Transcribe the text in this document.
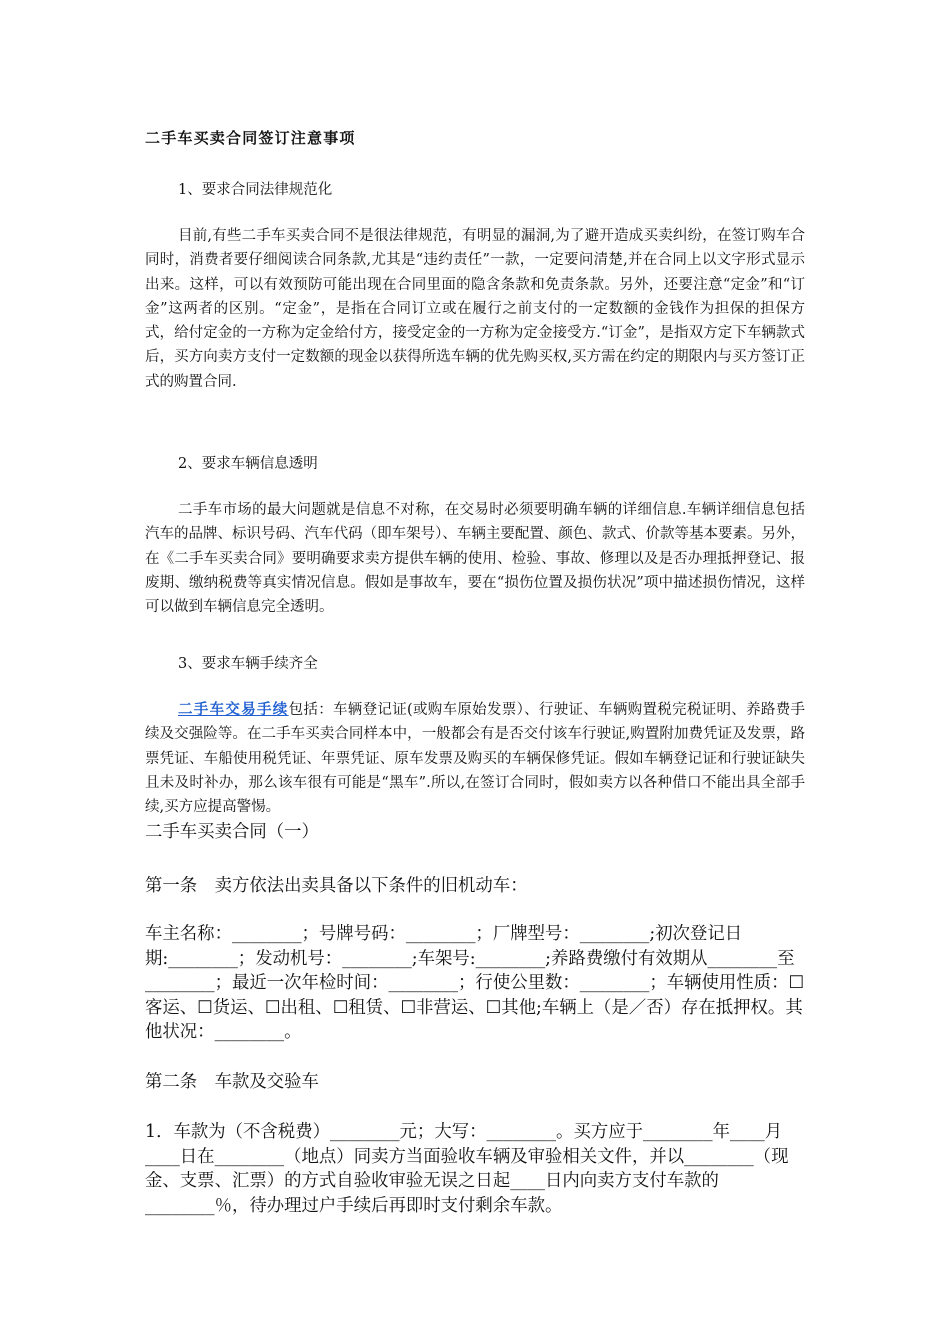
二手车买卖合同签订注意事项
1、要求合同法律规范化
目前,有些二手车买卖合同不是很法律规范，有明显的漏洞,为了避开造成买卖纠纷，在签订购车合同时，消费者要仔细阅读合同条款,尤其是“违约责任”一款，一定要问清楚,并在合同上以文字形式显示出来。这样，可以有效预防可能出现在合同里面的隐含条款和免责条款。另外，还要注意“定金”和“订金”这两者的区别。“定金”，是指在合同订立或在履行之前支付的一定数额的金钱作为担保的担保方式，给付定金的一方称为定金给付方，接受定金的一方称为定金接受方.“订金”，是指双方定下车辆款式后，买方向卖方支付一定数额的现金以获得所选车辆的优先购买权,买方需在约定的期限内与买方签订正式的购置合同.
2、要求车辆信息透明
二手车市场的最大问题就是信息不对称，在交易时必须要明确车辆的详细信息.车辆详细信息包括汽车的品牌、标识号码、汽车代码（即车架号）、车辆主要配置、颜色、款式、价款等基本要素。另外，在《二手车买卖合同》要明确要求卖方提供车辆的使用、检验、事故、修理以及是否办理抵押登记、报废期、缴纳税费等真实情况信息。假如是事故车，要在“损伤位置及损伤状况”项中描述损伤情况，这样可以做到车辆信息完全透明。
3、要求车辆手续齐全
二手车交易手续包括：车辆登记证(或购车原始发票）、行驶证、车辆购置税完税证明、养路费手续及交强险等。在二手车买卖合同样本中，一般都会有是否交付该车行驶证,购置附加费凭证及发票，路票凭证、车船使用税凭证、年票凭证、原车发票及购买的车辆保修凭证。假如车辆登记证和行驶证缺失且未及时补办，那么该车很有可能是“黑车”.所以,在签订合同时，假如卖方以各种借口不能出具全部手续,买方应提高警惕。
二手车买卖合同（一）
第一条　卖方依法出卖具备以下条件的旧机动车：
车主名称：________；号牌号码：________；厂牌型号：________;初次登记日期:________；发动机号：________;车架号:________;养路费缴付有效期从________至________；最近一次年检时间：________；行使公里数：________；车辆使用性质：☐客运、☐货运、☐出租、☐租赁、☐非营运、☐其他;车辆上（是／否）存在抵押权。其他状况：________。
第二条　车款及交验车
1．车款为（不含税费）________元；大写：________。买方应于________年____月____日在________（地点）同卖方当面验收车辆及审验相关文件，并以________（现金、支票、汇票）的方式自验收审验无误之日起____日内向卖方支付车款的________％，待办理过户手续后再即时支付剩余车款。
